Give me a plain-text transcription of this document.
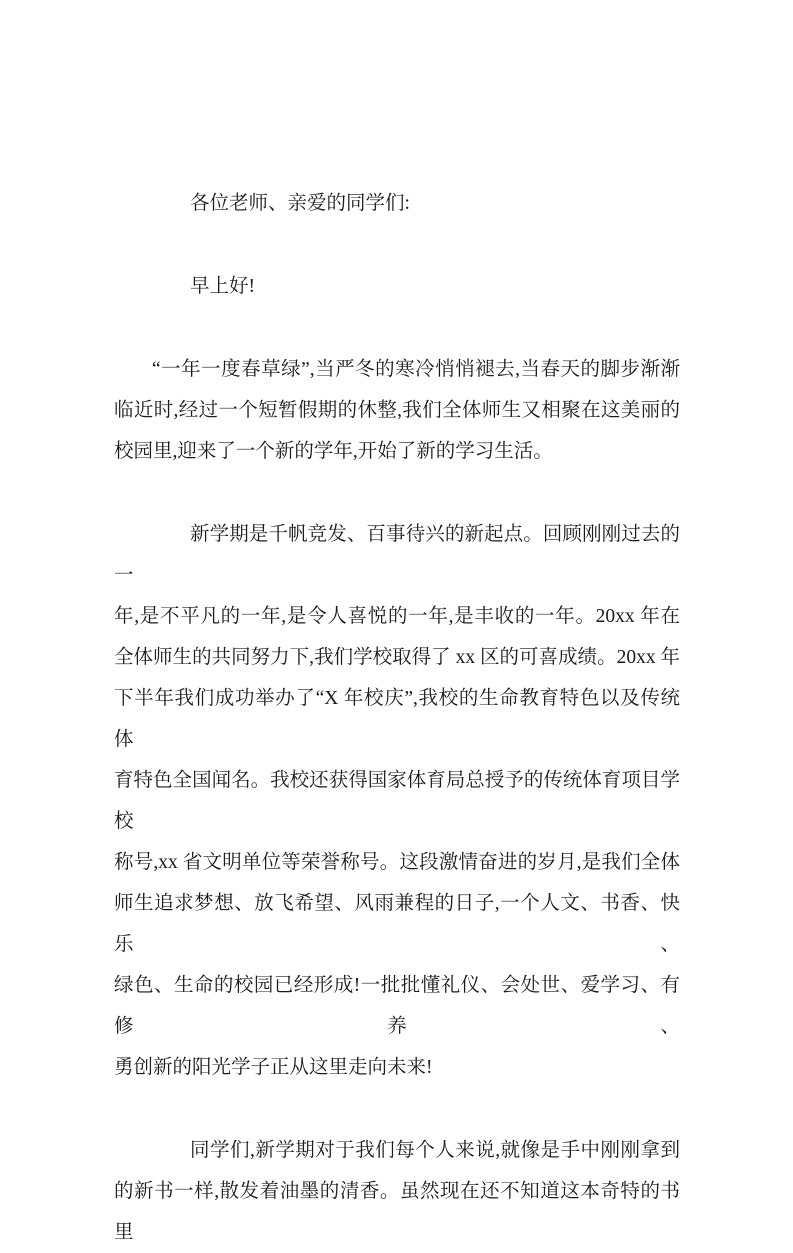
各位老师、亲爱的同学们:
早上好!
“一年一度春草绿”,当严冬的寒冷悄悄褪去,当春天的脚步渐渐
临近时,经过一个短暂假期的休整,我们全体师生又相聚在这美丽的
校园里,迎来了一个新的学年,开始了新的学习生活。
新学期是千帆竞发、百事待兴的新起点。回顾刚刚过去的一
年,是不平凡的一年,是令人喜悦的一年,是丰收的一年。20xx 年在
全体师生的共同努力下,我们学校取得了 xx 区的可喜成绩。20xx 年
下半年我们成功举办了“X 年校庆”,我校的生命教育特色以及传统体
育特色全国闻名。我校还获得国家体育局总授予的传统体育项目学校
称号,xx 省文明单位等荣誉称号。这段激情奋进的岁月,是我们全体
师生追求梦想、放飞希望、风雨兼程的日子,一个人文、书香、快乐、
绿色、生命的校园已经形成!一批批懂礼仪、会处世、爱学习、有修养、
勇创新的阳光学子正从这里走向未来!
同学们,新学期对于我们每个人来说,就像是手中刚刚拿到
的新书一样,散发着油墨的清香。虽然现在还不知道这本奇特的书里
